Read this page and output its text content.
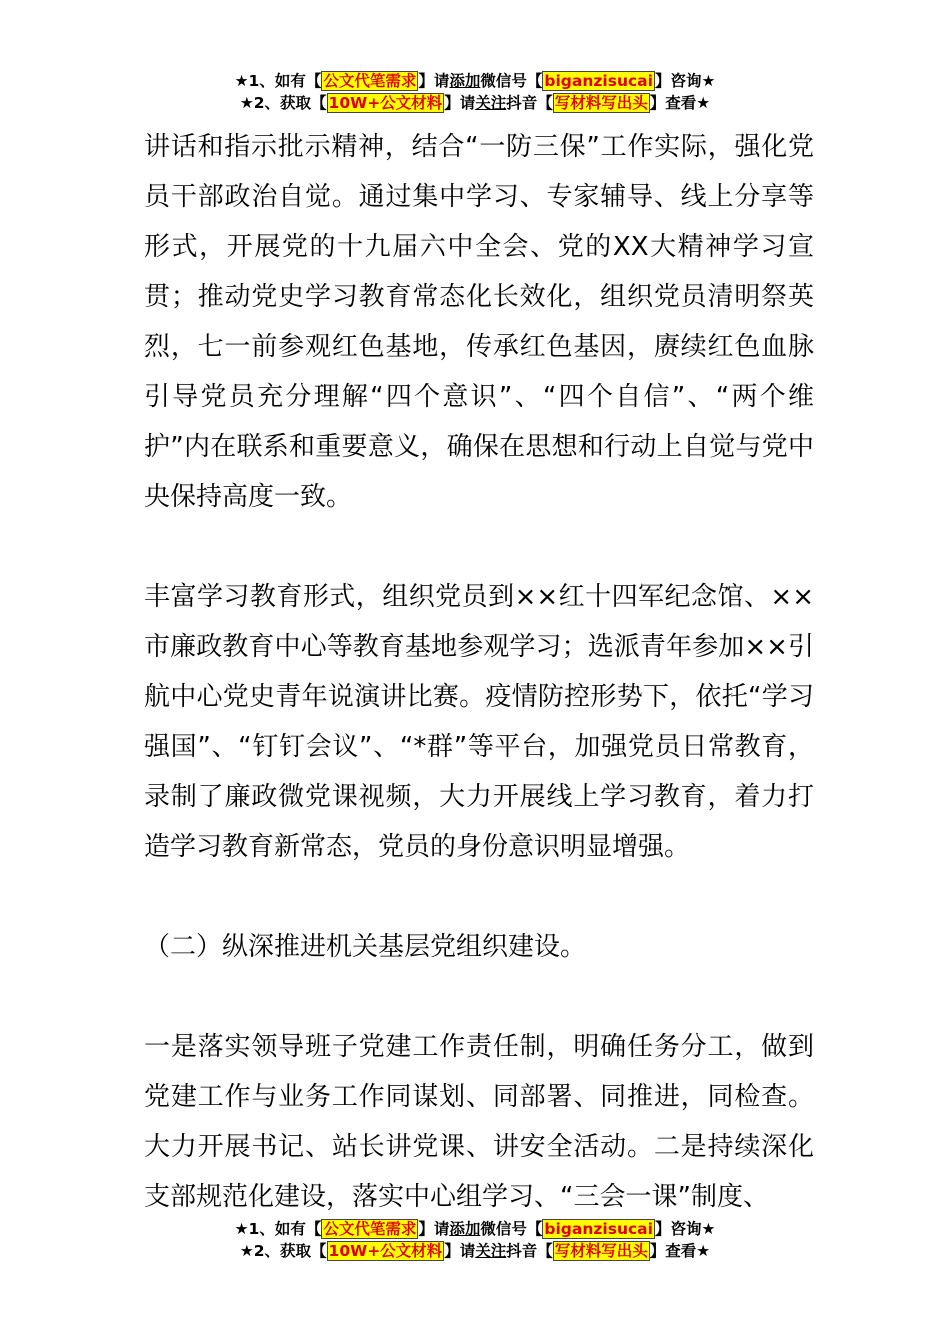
★1、如有【 公文代笔需求 】请添加微信号【 biganzisucai 】咨询★
★2、获取【 10W+公文材料 】请关注抖音【 写材料写出头 】查看★

讲话和指示批示精神，结合“一防三保”工作实际，强化党员干部政治自觉。通过集中学习、专家辅导、线上分享等形式，开展党的十九届六中全会、党的XX大精神学习宣贯；推动党史学习教育常态化长效化，组织党员清明祭英烈，七一前参观红色基地，传承红色基因，赓续红色血脉引导党员充分理解“四个意识”、“四个自信”、“两个维护”内在联系和重要意义，确保在思想和行动上自觉与党中央保持高度一致。

丰富学习教育形式，组织党员到××红十四军纪念馆、××市廉政教育中心等教育基地参观学习；选派青年参加××引航中心党史青年说演讲比赛。疫情防控形势下，依托“学习强国”、“钉钉会议”、“*群”等平台，加强党员日常教育，录制了廉政微党课视频，大力开展线上学习教育，着力打造学习教育新常态，党员的身份意识明显增强。

（二）纵深推进机关基层党组织建设。

一是落实领导班子党建工作责任制，明确任务分工，做到党建工作与业务工作同谋划、同部署、同推进，同检查。大力开展书记、站长讲党课、讲安全活动。二是持续深化支部规范化建设，落实中心组学习、“三会一课”制度、

★1、如有【 公文代笔需求 】请添加微信号【 biganzisucai 】咨询★
★2、获取【 10W+公文材料 】请关注抖音【 写材料写出头 】查看★
